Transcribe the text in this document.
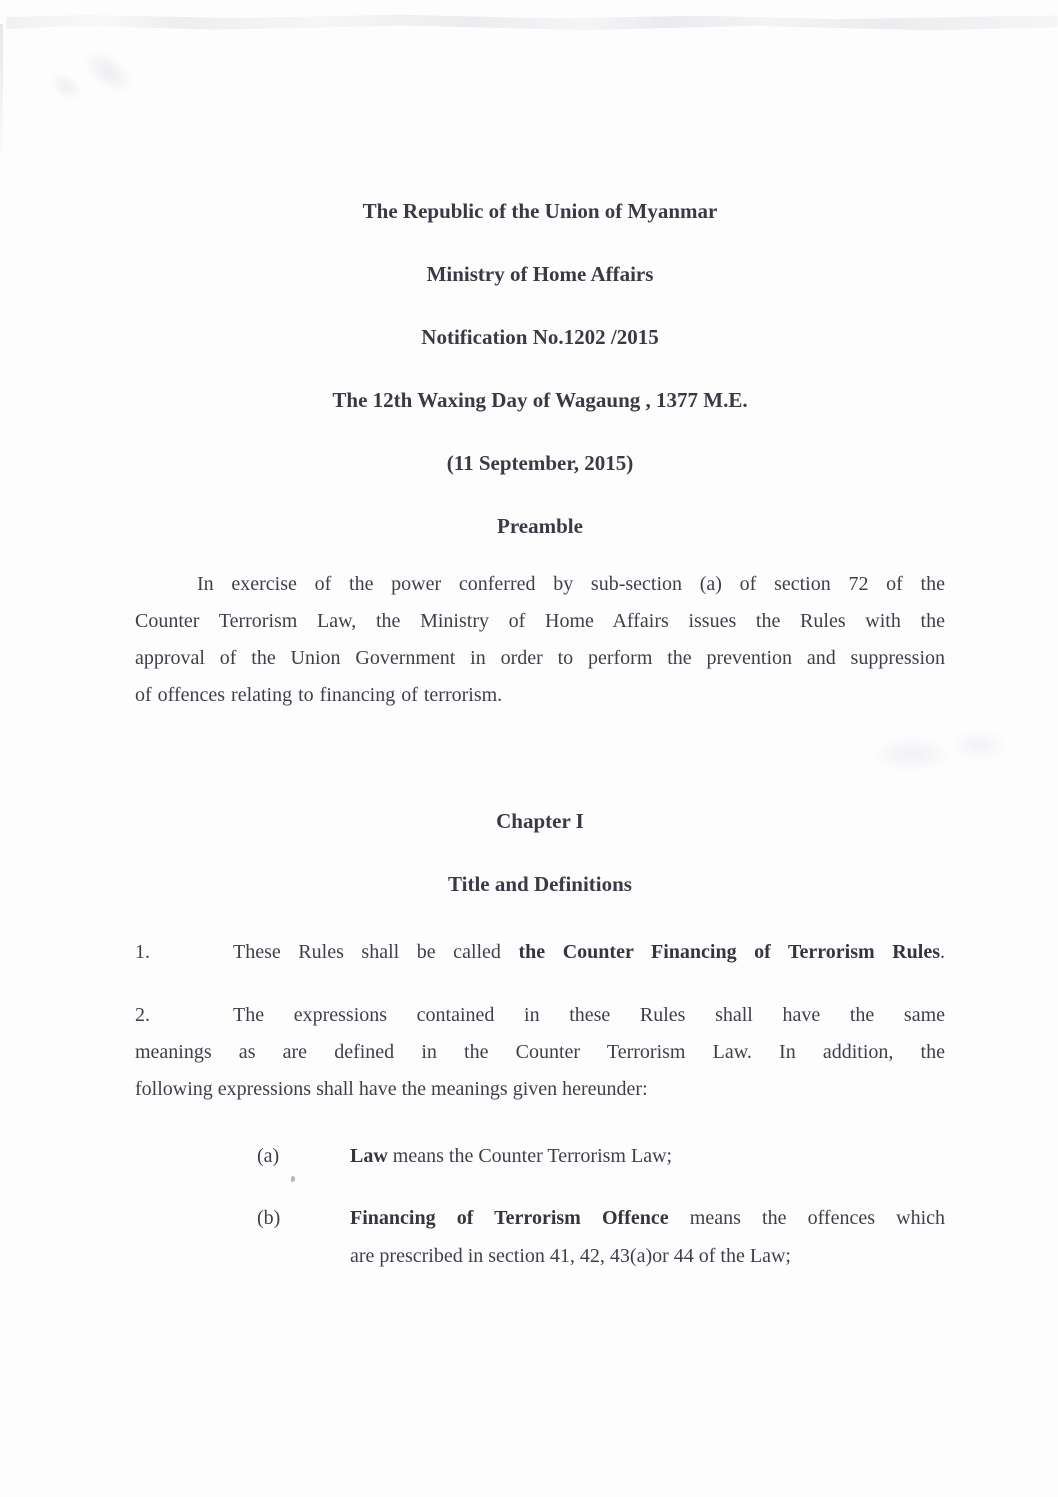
The Republic of the Union of Myanmar
Ministry of Home Affairs
Notification No.1202 /2015
The 12th Waxing Day of Wagaung , 1377 M.E.
(11 September, 2015)
Preamble
In exercise of the power conferred by sub-section (a) of section 72 of the
Counter Terrorism Law, the Ministry of Home Affairs issues the Rules with the
approval of the Union Government in order to perform the prevention and suppression
of offences relating to financing of terrorism.
Chapter I
Title and Definitions
1.	These Rules shall be called the Counter Financing of Terrorism Rules.

2.	The expressions contained in these Rules shall have the same
meanings as are defined in the Counter Terrorism Law. In addition, the
following expressions shall have the meanings given hereunder:
(a)	Law means the Counter Terrorism Law;
(b)	Financing of Terrorism Offence means the offences which
are prescribed in section 41, 42, 43(a)or 44 of the Law;
